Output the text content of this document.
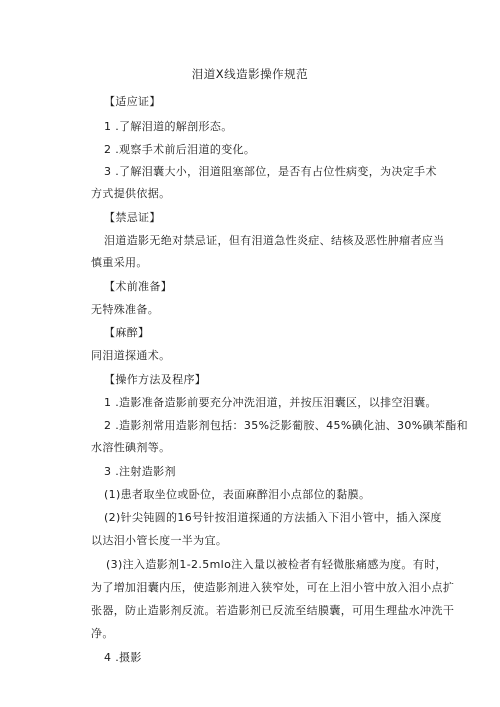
泪道X线造影操作规范
【适应证】
1 .了解泪道的解剖形态。
2 .观察手术前后泪道的变化。
3 .了解泪囊大小，泪道阻塞部位，是否有占位性病变，为决定手术
方式提供依据。
【禁忌证】
泪道造影无绝对禁忌证，但有泪道急性炎症、结核及恶性肿瘤者应当
慎重采用。
【术前准备】
无特殊准备。
【麻醉】
同泪道探通术。
【操作方法及程序】
1 .造影准备造影前要充分冲洗泪道，并按压泪囊区，以排空泪囊。
2 .造影剂常用造影剂包括：35%泛影葡胺、45%碘化油、30%碘苯酯和
水溶性碘剂等。
3 .注射造影剂
(1)患者取坐位或卧位，表面麻醉泪小点部位的黏膜。
(2)针尖钝圆的16号针按泪道探通的方法插入下泪小管中，插入深度
以达泪小管长度一半为宜。
(3)注入造影剂1-2.5mlo注入量以被检者有轻微胀痛感为度。有时，
为了增加泪囊内压，使造影剂进入狭窄处，可在上泪小管中放入泪小点扩
张器，防止造影剂反流。若造影剂已反流至结膜囊，可用生理盐水冲洗干
净。
4 .摄影
